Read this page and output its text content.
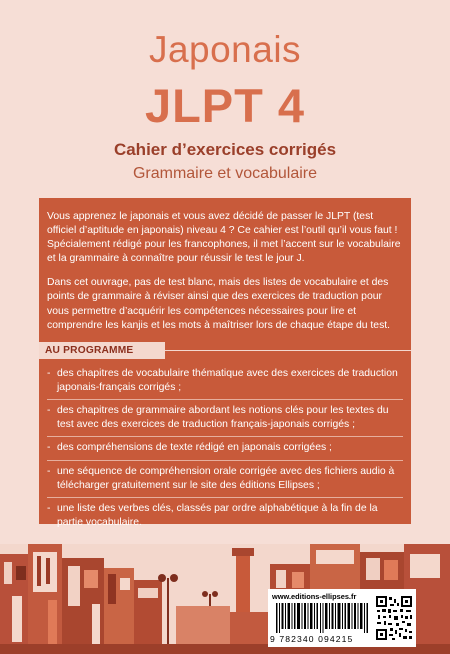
Japonais
JLPT 4
Cahier d’exercices corrigés
Grammaire et vocabulaire

Vous apprenez le japonais et vous avez décidé de passer le JLPT (test officiel d’aptitude en japonais) niveau 4 ? Ce cahier est l’outil qu’il vous faut ! Spécialement rédigé pour les francophones, il met l’accent sur le vocabulaire et la grammaire à connaître pour réussir le test le jour J.

Dans cet ouvrage, pas de test blanc, mais des listes de vocabulaire et des points de grammaire à réviser ainsi que des exercices de traduction pour vous permettre d’acquérir les compétences nécessaires pour lire et comprendre les kanjis et les mots à maîtriser lors de chaque étape du test.

AU PROGRAMME
- des chapitres de vocabulaire thématique avec des exercices de traduction japonais-français corrigés ;
- des chapitres de grammaire abordant les notions clés pour les textes du test avec des exercices de traduction français-japonais corrigés ;
- des compréhensions de texte rédigé en japonais corrigées ;
- une séquence de compréhension orale corrigée avec des fichiers audio à télécharger gratuitement sur le site des éditions Ellipses ;
- une liste des verbes clés, classés par ordre alphabétique à la fin de la partie vocabulaire.
www.editions-ellipses.fr
9 782340 094215
